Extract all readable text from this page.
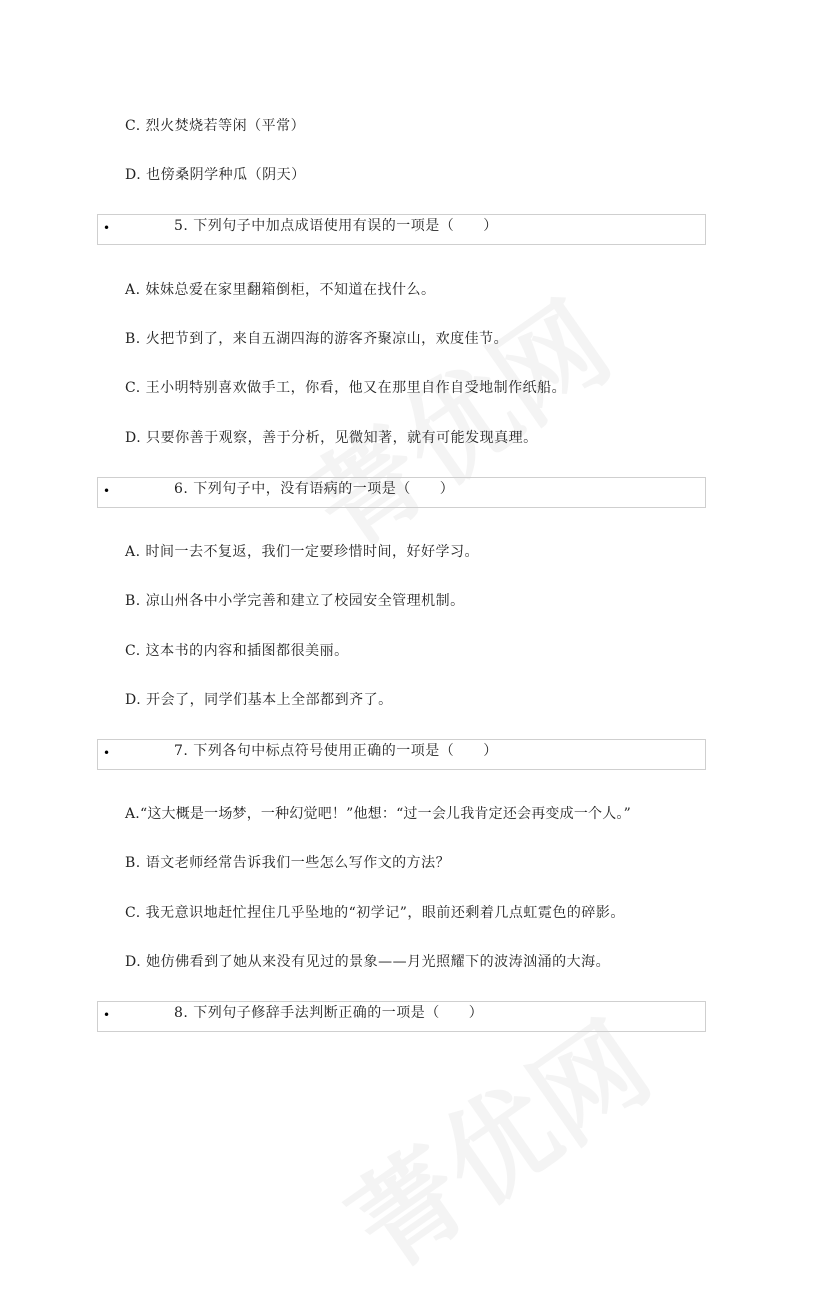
C. 烈火焚烧若等闲（平常）
D. 也傍桑阴学种瓜（阴天）
•	5. 下列句子中加点成语使用有误的一项是（　　）
A. 妹妹总爱在家里翻箱倒柜，不知道在找什么。
B. 火把节到了，来自五湖四海的游客齐聚凉山，欢度佳节。
C. 王小明特别喜欢做手工，你看，他又在那里自作自受地制作纸船。
D. 只要你善于观察，善于分析，见微知著，就有可能发现真理。
•	6. 下列句子中，没有语病的一项是（　　）
A. 时间一去不复返，我们一定要珍惜时间，好好学习。
B. 凉山州各中小学完善和建立了校园安全管理机制。
C. 这本书的内容和插图都很美丽。
D. 开会了，同学们基本上全部都到齐了。
•	7. 下列各句中标点符号使用正确的一项是（　　）
A.“这大概是一场梦，一种幻觉吧！”他想：“过一会儿我肯定还会再变成一个人。”
B. 语文老师经常告诉我们一些怎么写作文的方法？
C. 我无意识地赶忙捏住几乎坠地的“初学记”，眼前还剩着几点虹霓色的碎影。
D. 她仿佛看到了她从来没有见过的景象——月光照耀下的波涛汹涌的大海。
•	8. 下列句子修辞手法判断正确的一项是（　　）
